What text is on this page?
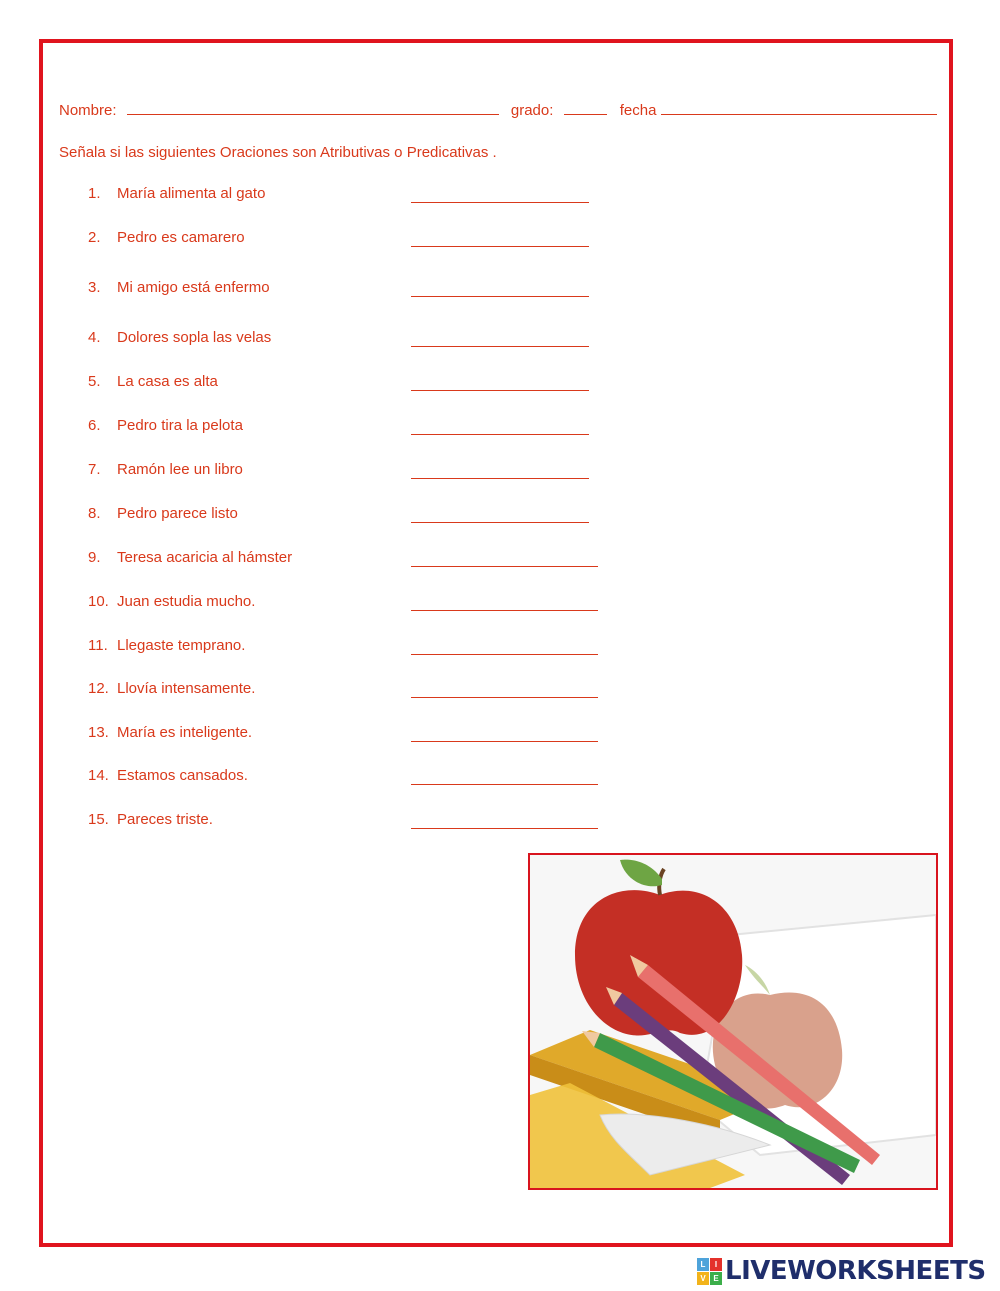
Nombre:	grado:	fecha
Señala si las siguientes Oraciones son Atributivas o Predicativas .
1.	María alimenta al gato
2.	Pedro es camarero
3.	Mi amigo está enfermo
4.	Dolores sopla las velas
5.	La casa es alta
6.	Pedro tira la pelota
7.	Ramón lee un libro
8.	Pedro parece listo
9.	Teresa acaricia al hámster
10. Juan estudia mucho.
11. Llegaste temprano.
12. Llovía intensamente.
13. María es inteligente.
14. Estamos cansados.
15. Pareces triste.
L	I
V E LIVEWORKSHEETS
